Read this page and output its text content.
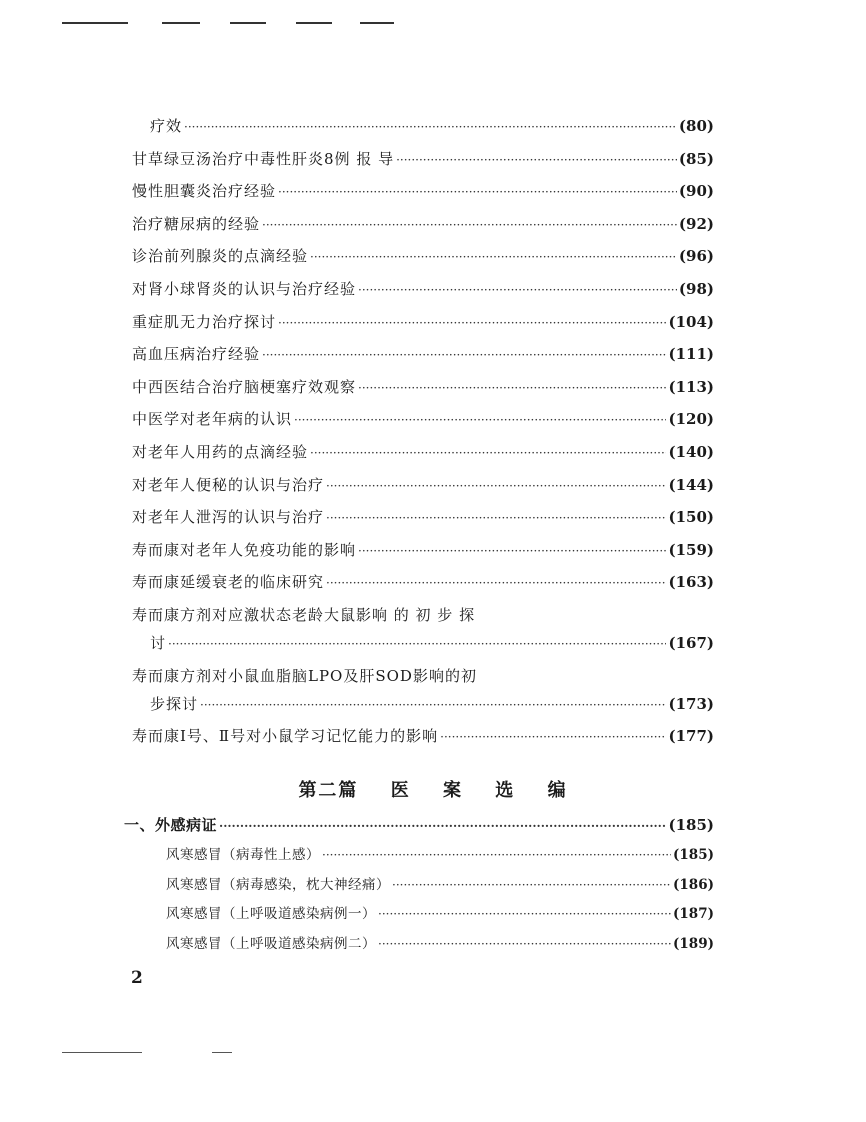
疗效 ·····	(80)
甘草绿豆汤治疗中毒性肝炎8例 报 导 ·····	(85)
慢性胆囊炎治疗经验 ·····	(90)
治疗糖尿病的经验 ·····	(92)
诊治前列腺炎的点滴经验 ·····	(96)
对肾小球肾炎的认识与治疗经验 ·····	(98)
重症肌无力治疗探讨 ·····	(104)
高血压病治疗经验 ·····	(111)
中西医结合治疗脑梗塞疗效观察 ·····	(113)
中医学对老年病的认识 ·····	(120)
对老年人用药的点滴经验 ·····	(140)
对老年人便秘的认识与治疗 ·····	(144)
对老年人泄泻的认识与治疗 ·····	(150)
寿而康对老年人免疫功能的影响 ·····	(159)
寿而康延缓衰老的临床研究 ·····	(163)
寿而康方剂对应激状态老龄大鼠影响 的 初 步 探
讨 ·····	(167)
寿而康方剂对小鼠血脂脑LPO及肝SOD影响的初
步探讨 ·····	(173)
寿而康Ⅰ号、Ⅱ号对小鼠学习记忆能力的影响 ·····	(177)
第二篇 医 案 选 编
一、外感病证 ·····	(185)
风寒感冒（病毒性上感） ·····	(185)
风寒感冒（病毒感染，枕大神经痛） ·····	(186)
风寒感冒（上呼吸道感染病例一） ·····	(187)
风寒感冒（上呼吸道感染病例二） ·····	(189)
2
